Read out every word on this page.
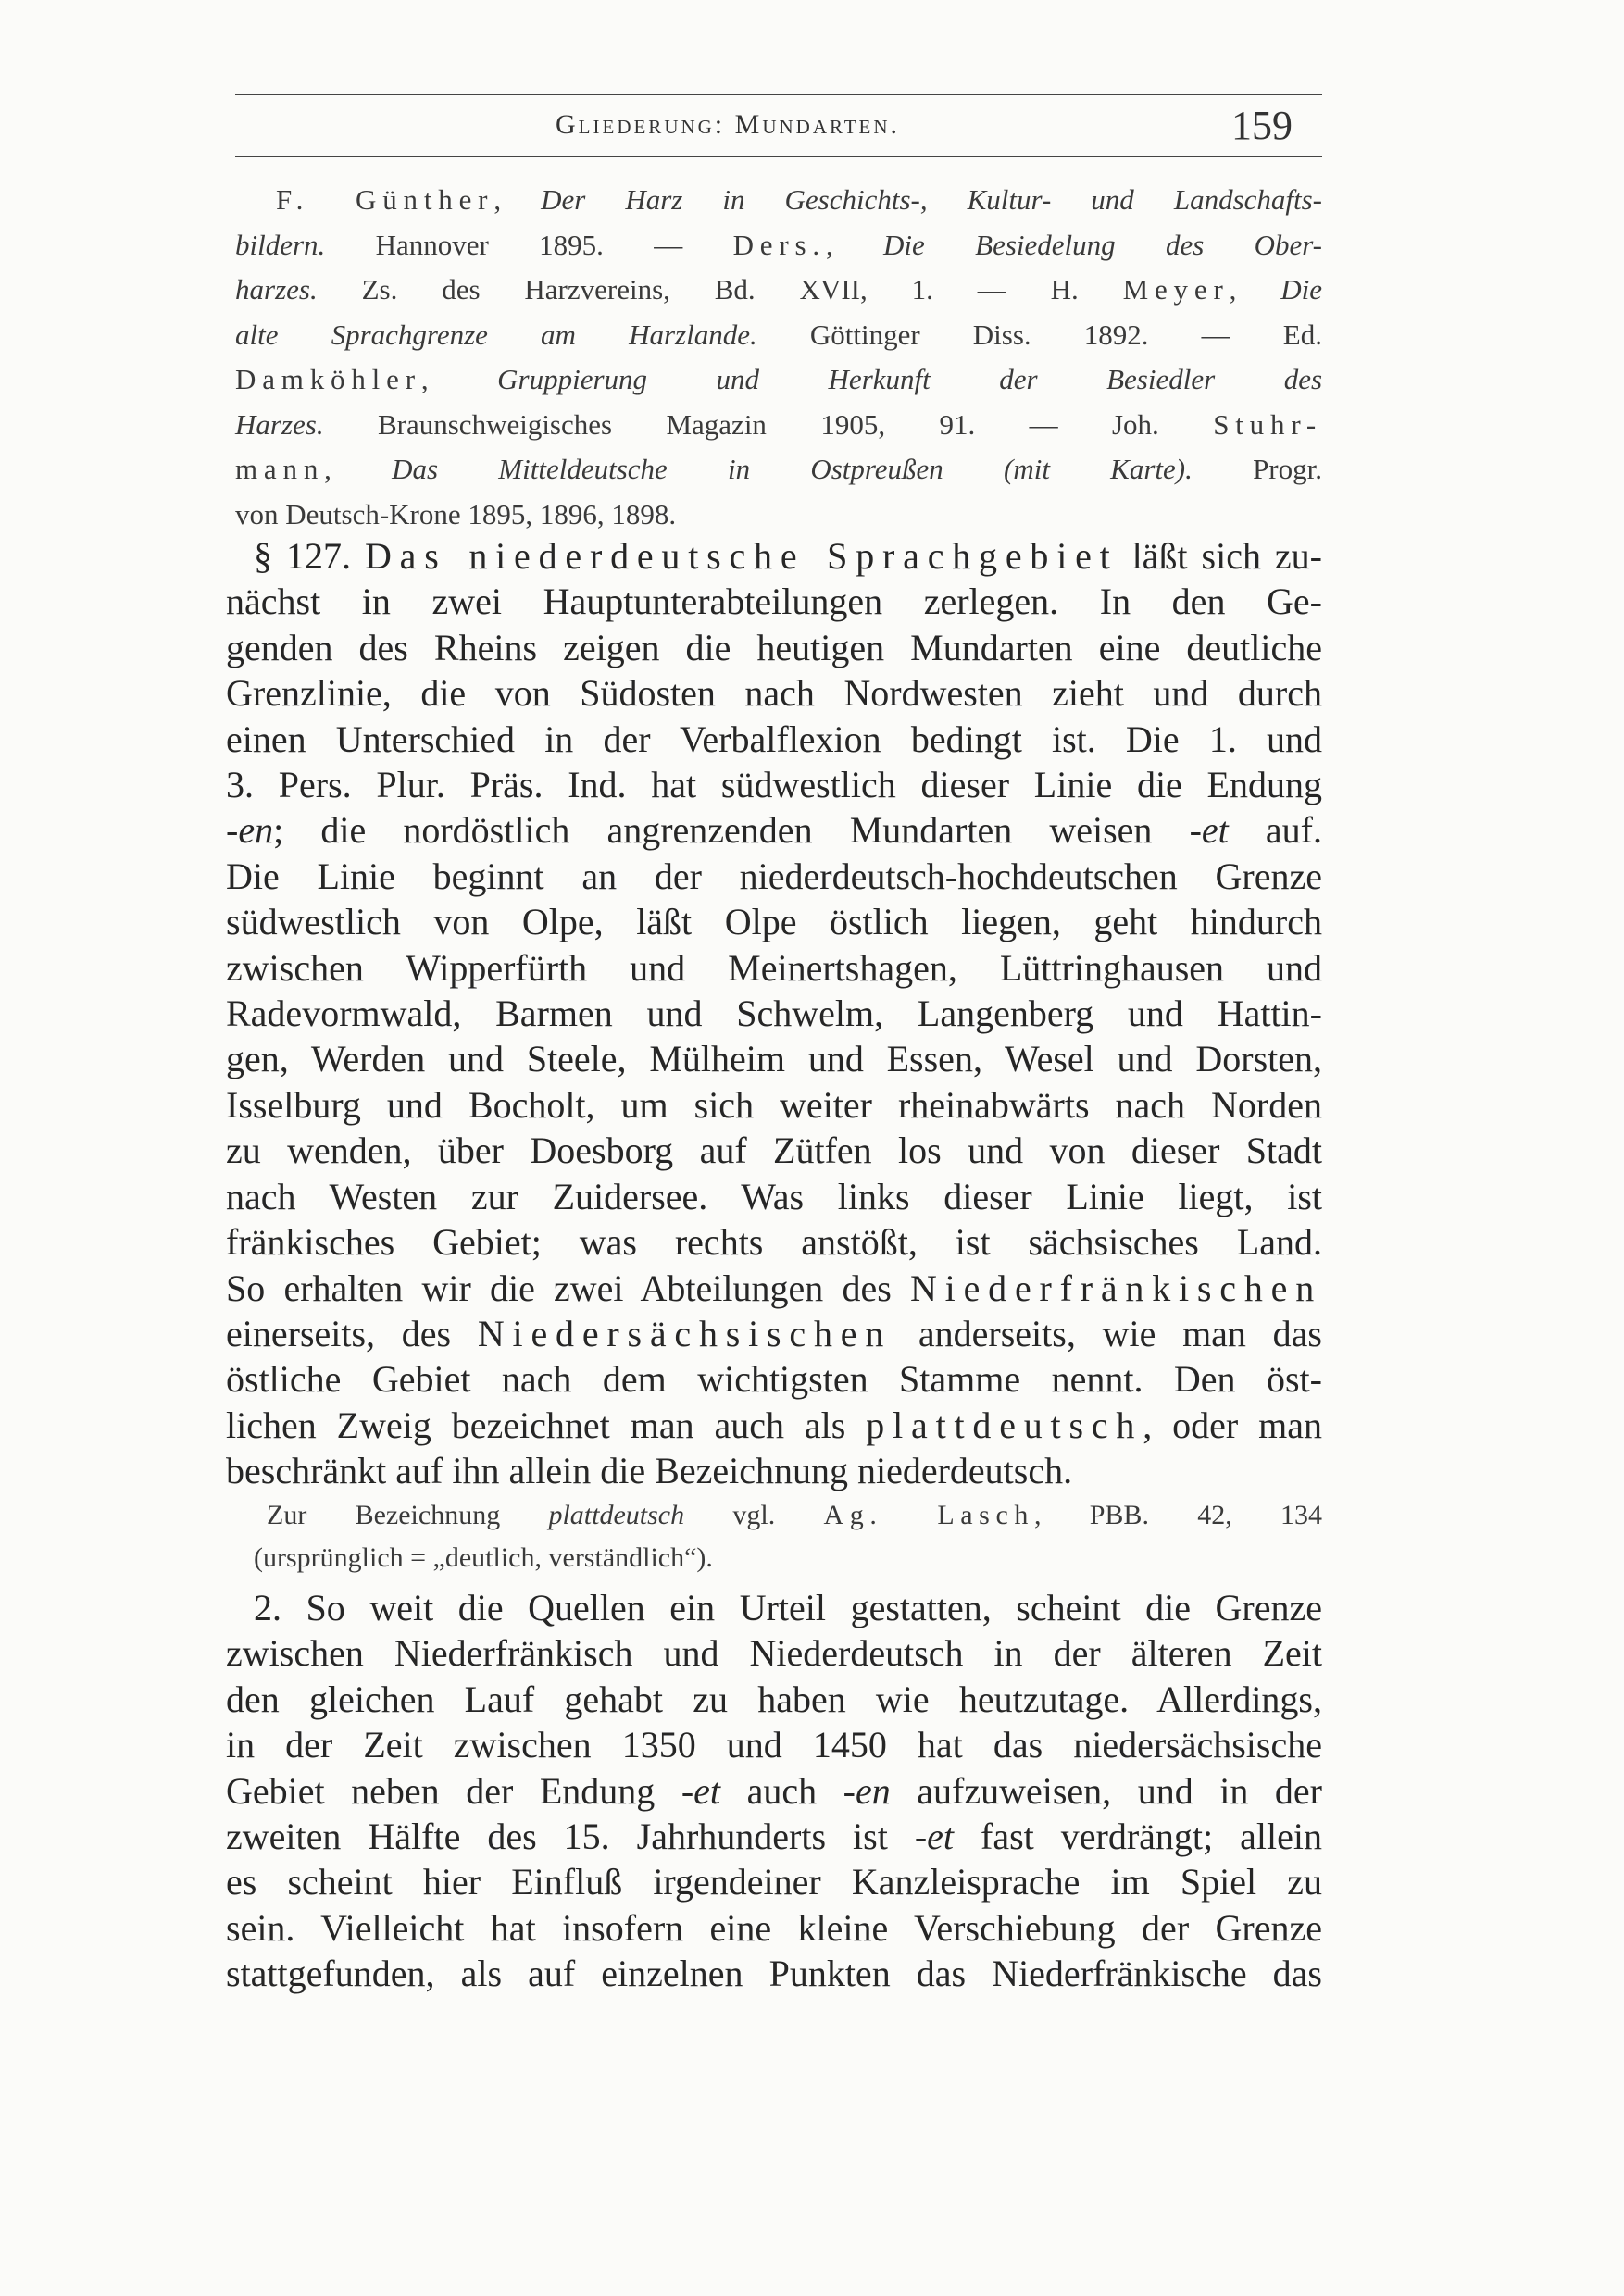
Gliederung: Mundarten.	159
F. Günther, Der Harz in Geschichts-, Kultur- und Landschafts-
bildern. Hannover 1895. — Ders., Die Besiedelung des Ober-
harzes. Zs. des Harzvereins, Bd. XVII, 1. — H. Meyer, Die
alte Sprachgrenze am Harzlande. Göttinger Diss. 1892. — Ed.
Damköhler, Gruppierung und Herkunft der Besiedler des
Harzes. Braunschweigisches Magazin 1905, 91. — Joh. Stuhr-
mann, Das Mitteldeutsche in Ostpreußen (mit Karte). Progr.
von Deutsch-Krone 1895, 1896, 1898.
§ 127. Das niederdeutsche Sprachgebiet läßt sich zu-
nächst in zwei Hauptunterabteilungen zerlegen. In den Ge-
genden des Rheins zeigen die heutigen Mundarten eine deutliche
Grenzlinie, die von Südosten nach Nordwesten zieht und durch
einen Unterschied in der Verbalflexion bedingt ist. Die 1. und
3. Pers. Plur. Präs. Ind. hat südwestlich dieser Linie die Endung
-en; die nordöstlich angrenzenden Mundarten weisen -et auf.
Die Linie beginnt an der niederdeutsch-hochdeutschen Grenze
südwestlich von Olpe, läßt Olpe östlich liegen, geht hindurch
zwischen Wipperfürth und Meinertshagen, Lüttringhausen und
Radevormwald, Barmen und Schwelm, Langenberg und Hattin-
gen, Werden und Steele, Mülheim und Essen, Wesel und Dorsten,
Isselburg und Bocholt, um sich weiter rheinabwärts nach Norden
zu wenden, über Doesborg auf Zütfen los und von dieser Stadt
nach Westen zur Zuidersee. Was links dieser Linie liegt, ist
fränkisches Gebiet; was rechts anstößt, ist sächsisches Land.
So erhalten wir die zwei Abteilungen des Niederfränkischen
einerseits, des Niedersächsischen anderseits, wie man das
östliche Gebiet nach dem wichtigsten Stamme nennt. Den öst-
lichen Zweig bezeichnet man auch als plattdeutsch, oder man
beschränkt auf ihn allein die Bezeichnung niederdeutsch.
Zur Bezeichnung plattdeutsch vgl. Ag. Lasch, PBB. 42, 134
(ursprünglich = „deutlich, verständlich“).
2. So weit die Quellen ein Urteil gestatten, scheint die Grenze
zwischen Niederfränkisch und Niederdeutsch in der älteren Zeit
den gleichen Lauf gehabt zu haben wie heutzutage. Allerdings,
in der Zeit zwischen 1350 und 1450 hat das niedersächsische
Gebiet neben der Endung -et auch -en aufzuweisen, und in der
zweiten Hälfte des 15. Jahrhunderts ist -et fast verdrängt; allein
es scheint hier Einfluß irgendeiner Kanzleisprache im Spiel zu
sein. Vielleicht hat insofern eine kleine Verschiebung der Grenze
stattgefunden, als auf einzelnen Punkten das Niederfränkische das
